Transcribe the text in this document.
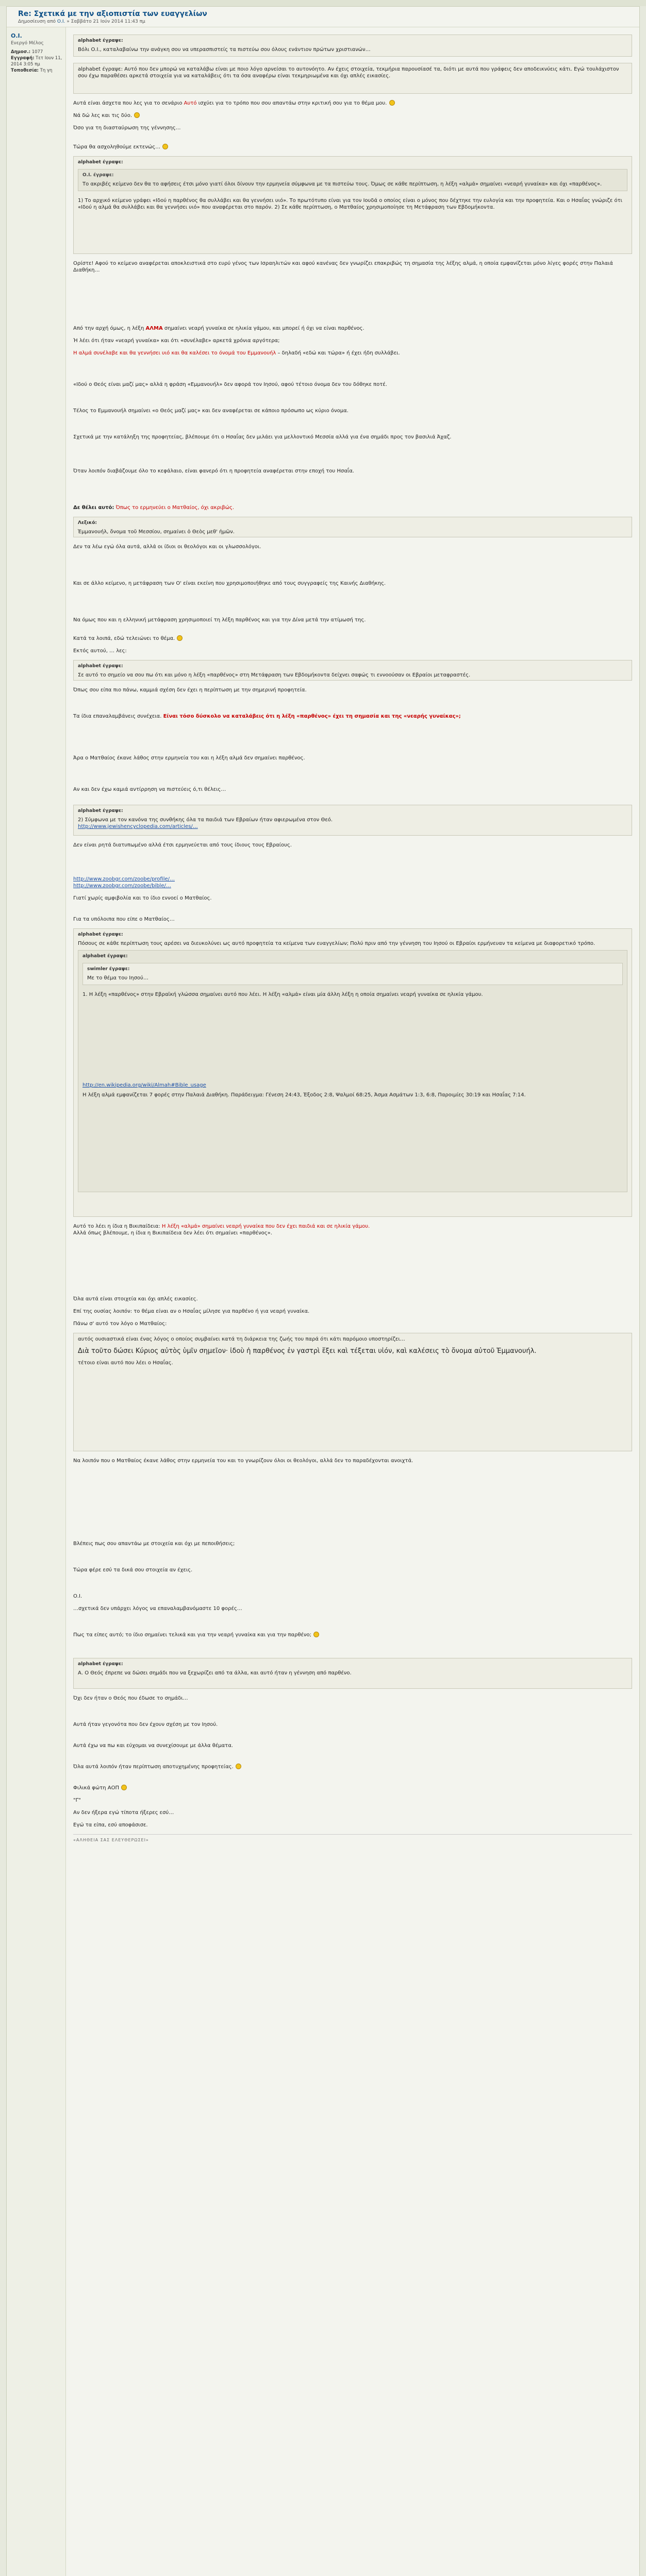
Re: Σχετικά με την αξιοπιστία των ευαγγελίων
Δημοσίευση από Ο.Ι. » Σαββάτο 21 Ιούν 2014 11:43 πμ
Ο.Ι.
Ενεργό Μέλος
Δημοσ.: 1077
Εγγραφή: Τετ Ιουν 11, 2014 3:05 πμ
Τοποθεσία: Τη γη
alphabet έγραψε:
Βόλι Ο.Ι., καταλαβαίνω την ανάγκη σου να υπερασπιστείς τα πιστεύω σου όλους ενάντιον πρώτων χριστιανών…
alphabet έγραψε: Αυτό που δεν μπορώ να καταλάβω είναι με ποιο λόγο αρνείσαι το αυτονόητο. Αν έχεις στοιχεία, τεκμήρια παρουσίασέ τα, διότι με αυτά που γράφεις δεν αποδεικνύεις κάτι. Εγώ τουλάχιστον σου έχω παραθέσει αρκετά στοιχεία για να καταλάβεις ότι τα όσα αναφέρω είναι τεκμηριωμένα και όχι απλές εικασίες.

Αυτά είναι άσχετα που λες για το σενάριο Αυτό ισχύει για το τρόπο που σου απαντάω στην κριτική σου για το θέμα μου.

Νά δώ λες και τις δύο.

Όσο για τη διασταύρωση της γέννησης…

Τώρα θα ασχοληθούμε εκτενώς…

alphabet έγραψε:
Ο.Ι. έγραψε:
Το ακριβές κείμενο δεν θα το αφήσεις έτσι μόνο γιατί όλοι δίνουν την ερμηνεία σύμφωνα με τα πιστεύω τους. Όμως σε κάθε περίπτωση, η λέξη «αλμά» σημαίνει «νεαρή γυναίκα» και όχι «παρθένος».
1) Το αρχικό κείμενο γράφει «Ιδού η παρθένος θα συλλάβει και θα γεννήσει υιό». Το πρωτότυπο είναι για τον Ιουδά ο οποίος είναι ο μόνος που δέχτηκε την ευλογία και την προφητεία. Και ο Ησαΐας γνώριζε ότι «Ιδού η αλμά θα συλλάβει και θα γεννήσει υιό» που αναφέρεται στο παρόν. 2) Σε κάθε περίπτωση, ο Ματθαίος χρησιμοποίησε τη Μετάφραση των Εβδομήκοντα.

Ορίστε! Αφού το κείμενο αναφέρεται αποκλειστικά στο ευρύ γένος των Ισραηλιτών και αφού κανένας δεν γνωρίζει επακριβώς τη σημασία της λέξης αλμά, η οποία εμφανίζεται μόνο λίγες φορές στην Παλαιά Διαθήκη…

Από την αρχή όμως, η λέξη ΑΛΜΑ σημαίνει νεαρή γυναίκα σε ηλικία γάμου, και μπορεί ή όχι να είναι παρθένος.

Ή λέει ότι ήταν «νεαρή γυναίκα» και ότι «συνέλαβε» αρκετά χρόνια αργότερα;

Η αλμά συνέλαβε και θα γεννήσει υιό και θα καλέσει το όνομά του Εμμανουήλ – δηλαδή «εδώ και τώρα» ή έχει ήδη συλλάβει.

«Ιδού ο Θεός είναι μαζί μας» αλλά η φράση «Εμμανουήλ» δεν αφορά τον Ιησού, αφού τέτοιο όνομα δεν του δόθηκε ποτέ.

Τέλος το Εμμανουήλ σημαίνει «ο Θεός μαζί μας» και δεν αναφέρεται σε κάποιο πρόσωπο ως κύριο όνομα.

Σχετικά με την κατάληξη της προφητείας, βλέπουμε ότι ο Ησαΐας δεν μιλάει για μελλοντικό Μεσσία αλλά για ένα σημάδι προς τον βασιλιά Άχαζ.

Όταν λοιπόν διαβάζουμε όλο το κεφάλαιο, είναι φανερό ότι η προφητεία αναφέρεται στην εποχή του Ησαΐα.

Δε θέλει αυτό: Όπως το ερμηνεύει ο Ματθαίος, όχι ακριβώς.

Λεξικό:
Ἐμμανουήλ, ὄνομα τοῦ Μεσσίου, σημαίνει ὁ Θεὸς μεθ' ἡμῶν.

Δεν τα λέω εγώ όλα αυτά, αλλά οι ίδιοι οι θεολόγοι και οι γλωσσολόγοι.

Και σε άλλο κείμενο, η μετάφραση των Ο' είναι εκείνη που χρησιμοποιήθηκε από τους συγγραφείς της Καινής Διαθήκης.

Να όμως που και η ελληνική μετάφραση χρησιμοποιεί τη λέξη παρθένος και για την Δίνα μετά την ατίμωσή της.

Κατά τα λοιπά, εδώ τελειώνει το θέμα.

Εκτός αυτού, … λες:

alphabet έγραψε:
Σε αυτό το σημείο να σου πω ότι και μόνο η λέξη «παρθένος» στη Μετάφραση των Εβδομήκοντα δείχνει σαφώς τι εννοούσαν οι Εβραίοι μεταφραστές.

Όπως σου είπα πιο πάνω, καμμιά σχέση δεν έχει η περίπτωση με την σημερινή προφητεία.

Τα ίδια επαναλαμβάνεις συνέχεια. Είναι τόσο δύσκολο να καταλάβεις ότι η λέξη «παρθένος» έχει τη σημασία και της «νεαρής γυναίκας»;

Άρα ο Ματθαίος έκανε λάθος στην ερμηνεία του και η λέξη αλμά δεν σημαίνει παρθένος.

Αν και δεν έχω καμιά αντίρρηση να πιστεύεις ό,τι θέλεις…

alphabet έγραψε:
2) Σύμφωνα με τον κανόνα της συνθήκης όλα τα παιδιά των Εβραίων ήταν αφιερωμένα στον Θεό.
http://www.jewishencyclopedia.com/articles/…

Δεν είναι ρητά διατυπωμένο αλλά έτσι ερμηνεύεται από τους ίδιους τους Εβραίους.

http://www.zoobgr.com/zoobe/profile/…
http://www.zoobgr.com/zoobe/bible/…

Γιατί χωρίς αμφιβολία και το ίδιο εννοεί ο Ματθαίος.

Για τα υπόλοιπα που είπε ο Ματθαίος…

alphabet έγραψε:
Πόσους σε κάθε περίπτωση τους αρέσει να διευκολύνει ως αυτό προφητεία τα κείμενα των ευαγγελίων; Πολύ πριν από την γέννηση του Ιησού οι Εβραίοι ερμήνευαν τα κείμενα με διαφορετικό τρόπο.
alphabet έγραψε:
swimler έγραψε:
Με το θέμα του Ιησού…
1. Η λέξη «παρθένος» στην Εβραϊκή γλώσσα σημαίνει αυτό που λέει. Η λέξη «αλμά» είναι μία άλλη λέξη η οποία σημαίνει νεαρή γυναίκα σε ηλικία γάμου.
http://en.wikipedia.org/wiki/Almah#Bible_usage
Η λέξη αλμά εμφανίζεται 7 φορές στην Παλαιά Διαθήκη. Παράδειγμα: Γένεση 24:43, Έξοδος 2:8, Ψαλμοί 68:25, Άσμα Ασμάτων 1:3, 6:8, Παροιμίες 30:19 και Ησαΐας 7:14.

Αυτό το λέει η ίδια η Βικιπαίδεια: Η λέξη «αλμά» σημαίνει νεαρή γυναίκα που δεν έχει παιδιά και σε ηλικία γάμου.
Αλλά όπως βλέπουμε, η ίδια η Βικιπαίδεια δεν λέει ότι σημαίνει «παρθένος».

Όλα αυτά είναι στοιχεία και όχι απλές εικασίες.

Επί της ουσίας λοιπόν: το θέμα είναι αν ο Ησαΐας μίλησε για παρθένο ή για νεαρή γυναίκα.

Πάνω σ' αυτό τον λόγο ο Ματθαίος:

αυτός ουσιαστικά είναι ένας λόγος ο οποίος συμβαίνει κατά τη διάρκεια της ζωής του παρά ότι κάτι παρόμοιο υποστηρίζει…
Διὰ τοῦτο δώσει Κύριος αὐτὸς ὑμῖν σημεῖον· ἰδοὺ ἡ παρθένος ἐν γαστρὶ ἕξει καὶ τέξεται υἱόν, καὶ καλέσεις τὸ ὄνομα αὐτοῦ Ἐμμανουήλ.
τέτοιο είναι αυτό που λέει ο Ησαΐας.

Να λοιπόν που ο Ματθαίος έκανε λάθος στην ερμηνεία του και το γνωρίζουν όλοι οι θεολόγοι, αλλά δεν το παραδέχονται ανοιχτά.

Βλέπεις πως σου απαντάω με στοιχεία και όχι με πεποιθήσεις;

Τώρα φέρε εσύ τα δικά σου στοιχεία αν έχεις.

Ο.Ι.

…σχετικά δεν υπάρχει λόγος να επαναλαμβανόμαστε 10 φορές…

Πως τα είπες αυτό; το ίδιο σημαίνει τελικά και για την νεαρή γυναίκα και για την παρθένο;

alphabet έγραψε:
Α. Ο Θεός έπρεπε να δώσει σημάδι που να ξεχωρίζει από τα άλλα, και αυτό ήταν η γέννηση από παρθένο.

Όχι δεν ήταν ο Θεός που έδωσε το σημάδι…

Αυτά ήταν γεγονότα που δεν έχουν σχέση με τον Ιησού.

Αυτά έχω να πω και εύχομαι να συνεχίσουμε με άλλα θέματα.

Όλα αυτά λοιπόν ήταν περίπτωση αποτυχημένης προφητείας.

Φιλικά φώτη ΑΟΠ

"Γ"

Αν δεν ήξερα εγώ τίποτα ήξερες εσύ…

Εγώ τα είπα, εσύ αποφάσισε.

«ΑΛΗΘΕΙΑ ΣΑΣ ΕΛΕΥΘΕΡΩΣΕΙ»
